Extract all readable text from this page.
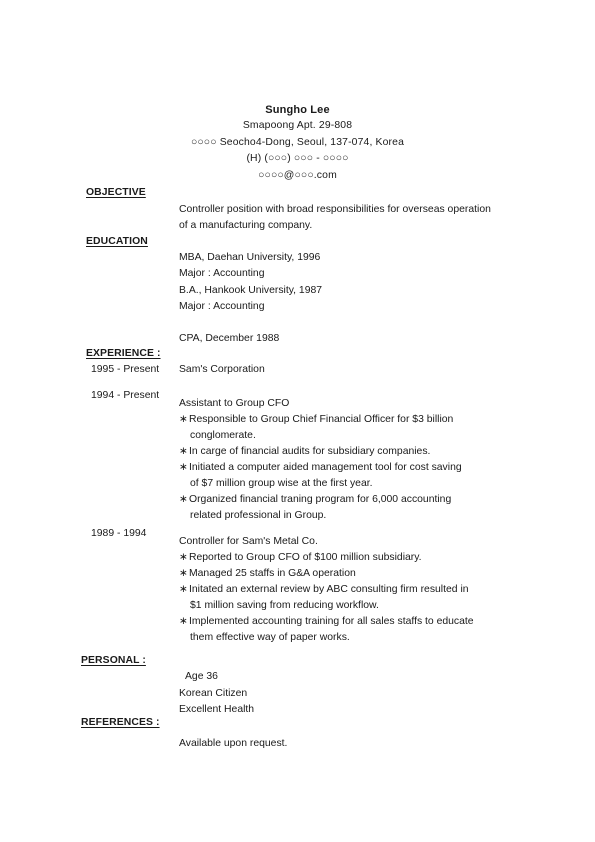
Sungho Lee
Smapoong Apt. 29-808
○○○○ Seocho4-Dong, Seoul, 137-074, Korea
(H) (○○○) ○○○ - ○○○○
○○○○@○○○.com
OBJECTIVE
Controller position with broad responsibilities for overseas operation
of a manufacturing company.
EDUCATION
MBA, Daehan University, 1996
Major : Accounting
B.A., Hankook University, 1987
Major : Accounting
CPA, December 1988
EXPERIENCE :
1995 - Present Sam's Corporation
1994 - Present
Assistant to Group CFO
∗Responsible to Group Chief Financial Officer for $3 billion
conglomerate.
∗In carge of financial audits for subsidiary companies.
∗Initiated a computer aided management tool for cost saving
of $7 million group wise at the first year.
∗Organized financial traning program for 6,000 accounting
related professional in Group.
1989 - 1994
Controller for Sam's Metal Co.
∗Reported to Group CFO of $100 million subsidiary.
∗Managed 25 staffs in G&A operation
∗Initated an external review by ABC consulting firm resulted in
$1 million saving from reducing workflow.
∗Implemented accounting training for all sales staffs to educate
them effective way of paper works.
PERSONAL :
Age 36
Korean Citizen
Excellent Health
REFERENCES :
Available upon request.
